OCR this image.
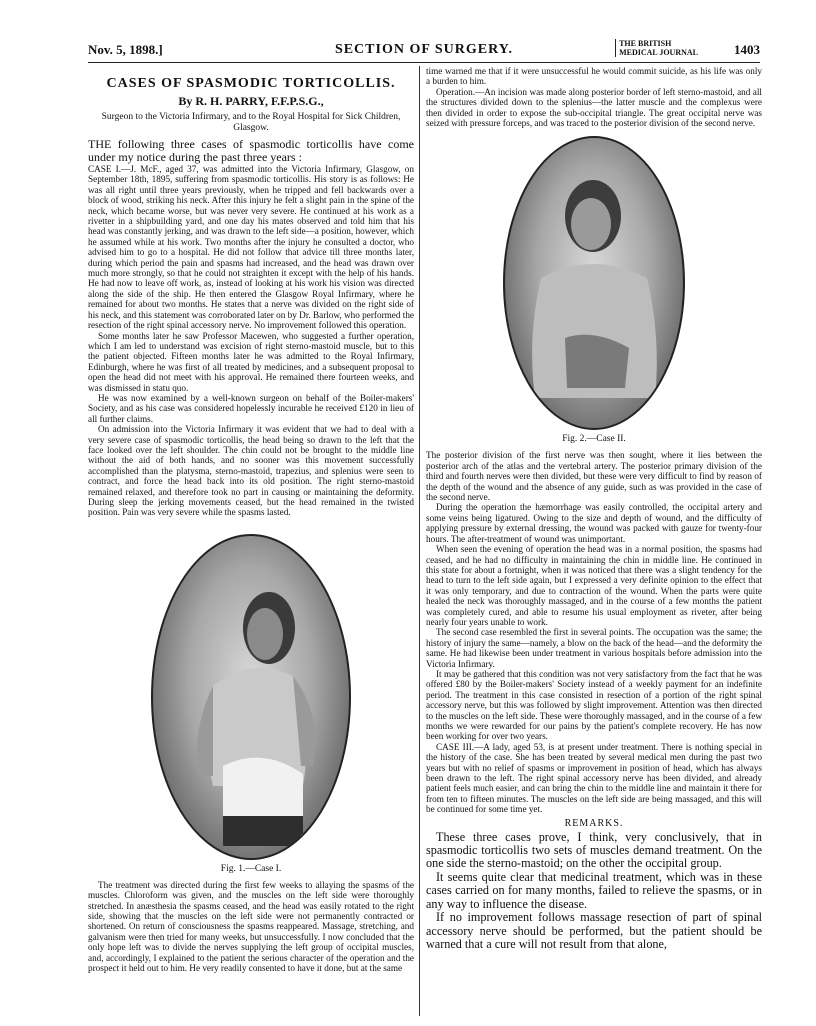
Nov. 5, 1898.]	SECTION OF SURGERY.	THE BRITISH
MEDICAL JOURNAL	1403
CASES OF SPASMODIC TORTICOLLIS.
By R. H. PARRY, F.F.P.S.G.,
Surgeon to the Victoria Infirmary, and to the Royal Hospital for Sick Children, Glasgow.

THE following three cases of spasmodic torticollis have come under my notice during the past three years :

CASE I.—J. McF., aged 37, was admitted into the Victoria Infirmary, Glasgow, on September 18th, 1895, suffering from spasmodic torticollis. His story is as follows: He was all right until three years previously, when he tripped and fell backwards over a block of wood, striking his neck. After this injury he felt a slight pain in the spine of the neck, which became worse, but was never very severe. He continued at his work as a rivetter in a shipbuilding yard, and one day his mates observed and told him that his head was constantly jerking, and was drawn to the left side—a position, however, which he assumed while at his work. Two months after the injury he consulted a doctor, who advised him to go to a hospital. He did not follow that advice till three months later, during which period the pain and spasms had increased, and the head was drawn over much more strongly, so that he could not straighten it except with the help of his hands. He had now to leave off work, as, instead of looking at his work his vision was directed along the side of the ship. He then entered the Glasgow Royal Infirmary, where he remained for about two months. He states that a nerve was divided on the right side of his neck, and this statement was corroborated later on by Dr. Barlow, who performed the resection of the right spinal accessory nerve. No improvement followed this operation.

Some months later he saw Professor Macewen, who suggested a further operation, which I am led to understand was excision of right sterno-mastoid muscle, but to this the patient objected. Fifteen months later he was admitted to the Royal Infirmary, Edinburgh, where he was first of all treated by medicines, and a subsequent proposal to open the head did not meet with his approval. He remained there fourteen weeks, and was dismissed in statu quo.

He was now examined by a well-known surgeon on behalf of the Boiler-makers' Society, and as his case was considered hopelessly incurable he received £120 in lieu of all further claims.

On admission into the Victoria Infirmary it was evident that we had to deal with a very severe case of spasmodic torticollis, the head being so drawn to the left that the face looked over the left shoulder. The chin could not be brought to the middle line without the aid of both hands, and no sooner was this movement successfully accomplished than the platysma, sterno-mastoid, trapezius, and splenius were seen to contract, and force the head back into its old position. The right sterno-mastoid remained relaxed, and therefore took no part in causing or maintaining the deformity. During sleep the jerking movements ceased, but the head remained in the twisted position. Pain was very severe while the spasms lasted.

Fig. 1.—Case I.

The treatment was directed during the first few weeks to allaying the spasms of the muscles. Chloroform was given, and the muscles on the left side were thoroughly stretched. In anæsthesia the spasms ceased, and the head was easily rotated to the right side, showing that the muscles on the left side were not permanently contracted or shortened. On return of consciousness the spasms reappeared. Massage, stretching, and galvanism were then tried for many weeks, but unsuccessfully. I now concluded that the only hope left was to divide the nerves supplying the left group of occipital muscles, and, accordingly, I explained to the patient the serious character of the operation and the prospect it held out to him. He very readily consented to have it done, but at the same

time warned me that if it were unsuccessful he would commit suicide, as his life was only a burden to him.

Operation.—An incision was made along posterior border of left sterno-mastoid, and all the structures divided down to the splenius—the latter muscle and the complexus were then divided in order to expose the sub-occipital triangle. The great occipital nerve was seized with pressure forceps, and was traced to the posterior division of the second nerve.

Fig. 2.—Case II.

The posterior division of the first nerve was then sought, where it lies between the posterior arch of the atlas and the vertebral artery. The posterior primary division of the third and fourth nerves were then divided, but these were very difficult to find by reason of the depth of the wound and the absence of any guide, such as was provided in the case of the second nerve.

During the operation the hæmorrhage was easily controlled, the occipital artery and some veins being ligatured. Owing to the size and depth of wound, and the difficulty of applying pressure by external dressing, the wound was packed with gauze for twenty-four hours. The after-treatment of wound was unimportant.

When seen the evening of operation the head was in a normal position, the spasms had ceased, and he had no difficulty in maintaining the chin in middle line. He continued in this state for about a fortnight, when it was noticed that there was a slight tendency for the head to turn to the left side again, but I expressed a very definite opinion to the effect that it was only temporary, and due to contraction of the wound. When the parts were quite healed the neck was thoroughly massaged, and in the course of a few months the patient was completely cured, and able to resume his usual employment as riveter, after being nearly four years unable to work.

The second case resembled the first in several points. The occupation was the same; the history of injury the same—namely, a blow on the back of the head—and the deformity the same. He had likewise been under treatment in various hospitals before admission into the Victoria Infirmary.

It may be gathered that this condition was not very satisfactory from the fact that he was offered £80 by the Boiler-makers' Society instead of a weekly payment for an indefinite period. The treatment in this case consisted in resection of a portion of the right spinal accessory nerve, but this was followed by slight improvement. Attention was then directed to the muscles on the left side. These were thoroughly massaged, and in the course of a few months we were rewarded for our pains by the patient's complete recovery. He has now been working for over two years.

CASE III.—A lady, aged 53, is at present under treatment. There is nothing special in the history of the case. She has been treated by several medical men during the past two years but with no relief of spasms or improvement in position of head, which has always been drawn to the left. The right spinal accessory nerve has been divided, and already patient feels much easier, and can bring the chin to the middle line and maintain it there for from ten to fifteen minutes. The muscles on the left side are being massaged, and this will be continued for some time yet.

REMARKS.

These three cases prove, I think, very conclusively, that in spasmodic torticollis two sets of muscles demand treatment. On the one side the sterno-mastoid; on the other the occipital group.

It seems quite clear that medicinal treatment, which was in these cases carried on for many months, failed to relieve the spasms, or in any way to influence the disease.

If no improvement follows massage resection of part of spinal accessory nerve should be performed, but the patient should be warned that a cure will not result from that alone,
